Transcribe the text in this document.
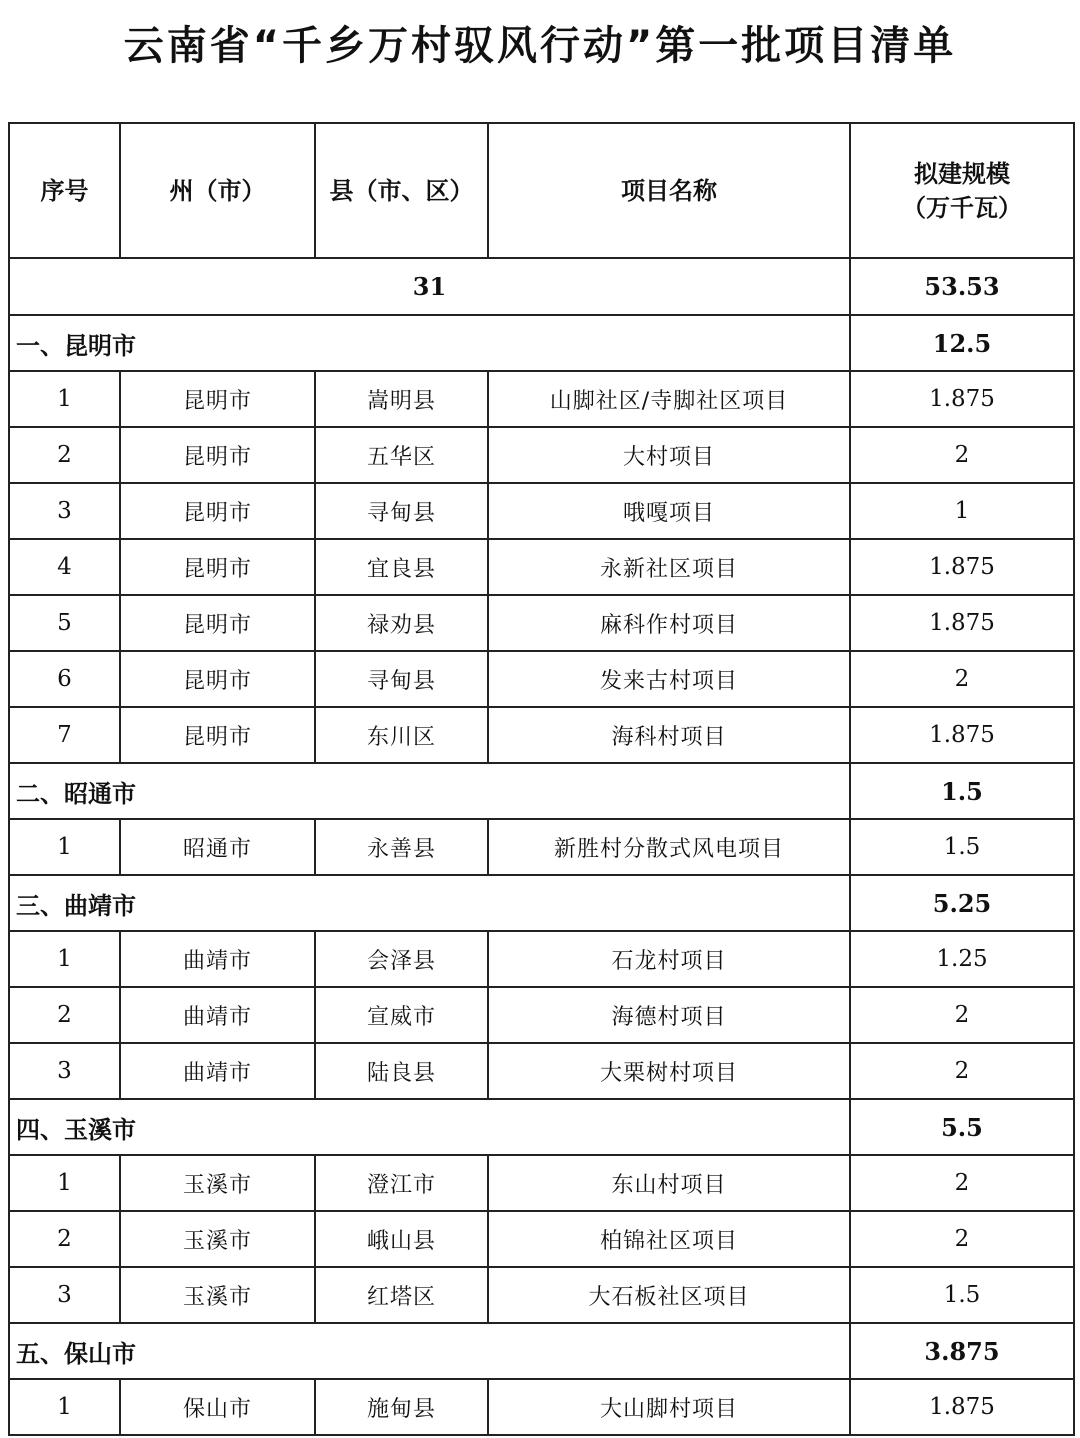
云南省“千乡万村驭风行动”第一批项目清单
序号	州（市）	县（市、区）	项目名称	拟建规模
（万千瓦）
31				53.53
一、昆明市				12.5
1	昆明市	嵩明县	山脚社区/寺脚社区项目	1.875
2	昆明市	五华区	大村项目	2
3	昆明市	寻甸县	哦嘎项目	1
4	昆明市	宜良县	永新社区项目	1.875
5	昆明市	禄劝县	麻科作村项目	1.875
6	昆明市	寻甸县	发来古村项目	2
7	昆明市	东川区	海科村项目	1.875
二、昭通市				1.5
1	昭通市	永善县	新胜村分散式风电项目	1.5
三、曲靖市				5.25
1	曲靖市	会泽县	石龙村项目	1.25
2	曲靖市	宣威市	海德村项目	2
3	曲靖市	陆良县	大栗树村项目	2
四、玉溪市				5.5
1	玉溪市	澄江市	东山村项目	2
2	玉溪市	峨山县	柏锦社区项目	2
3	玉溪市	红塔区	大石板社区项目	1.5
五、保山市				3.875
1	保山市	施甸县	大山脚村项目	1.875
